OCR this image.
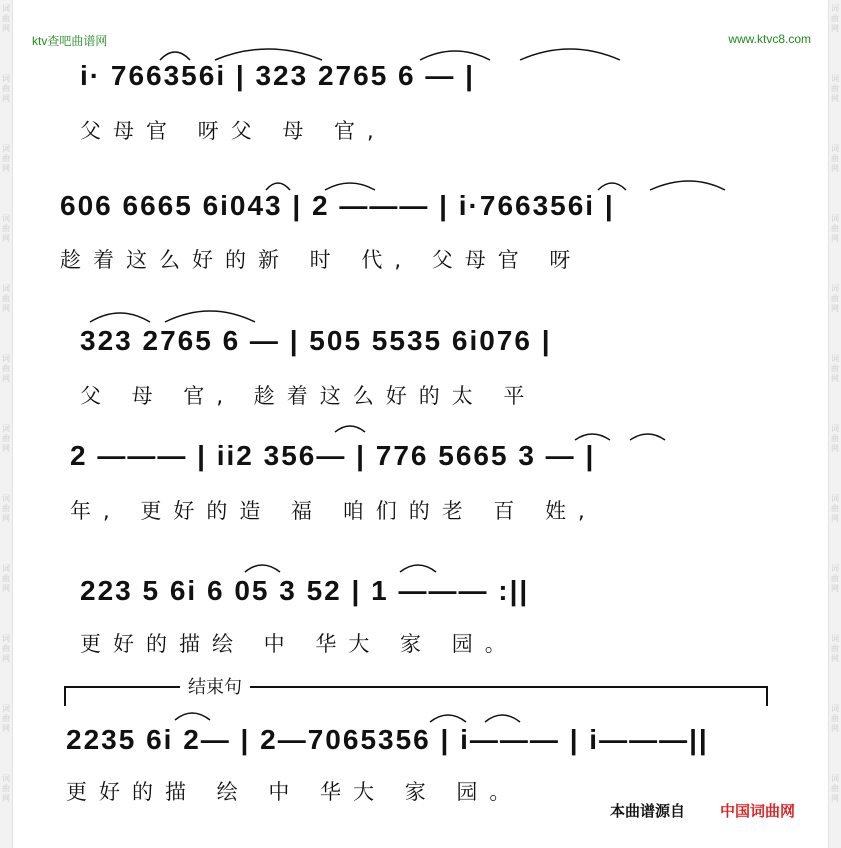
词
曲
网
词
曲
网
词
曲
网
词
曲
网
词
曲
网
词
曲
网
词
曲
网
词
曲
网
词
曲
网
词
曲
网
词
曲
网
词
曲
网
词
曲
网
词
曲
网
词
曲
网
词
曲
网
词
曲
网
词
曲
网
词
曲
网
词
曲
网
词
曲
网
词
曲
网
词
曲
网
词
曲
网
ktv查吧曲谱网	www.ktvc8.com
i· 766356i | 323 2765 6 — |
父母官 呀父 母 官,
606 6665 6i043 | 2 ——— | i·766356i |
趁着这么好的新 时 代, 父母官 呀
323 2765 6 — | 505 5535 6i076 |
父 母 官, 趁着这么好的太 平
2 ——— | ii2 356— | 776 5665 3 — |
年, 更好的造 福 咱们的老 百 姓,
223 5 6i 6 05 3 52 | 1 ——— :||
更好的描绘 中 华大 家 园。
结束句
2235 6i 2— | 2—7065356 | i——— | i———||
更好的描 绘 中 华大 家 园。
本曲谱源自 中国词曲网
